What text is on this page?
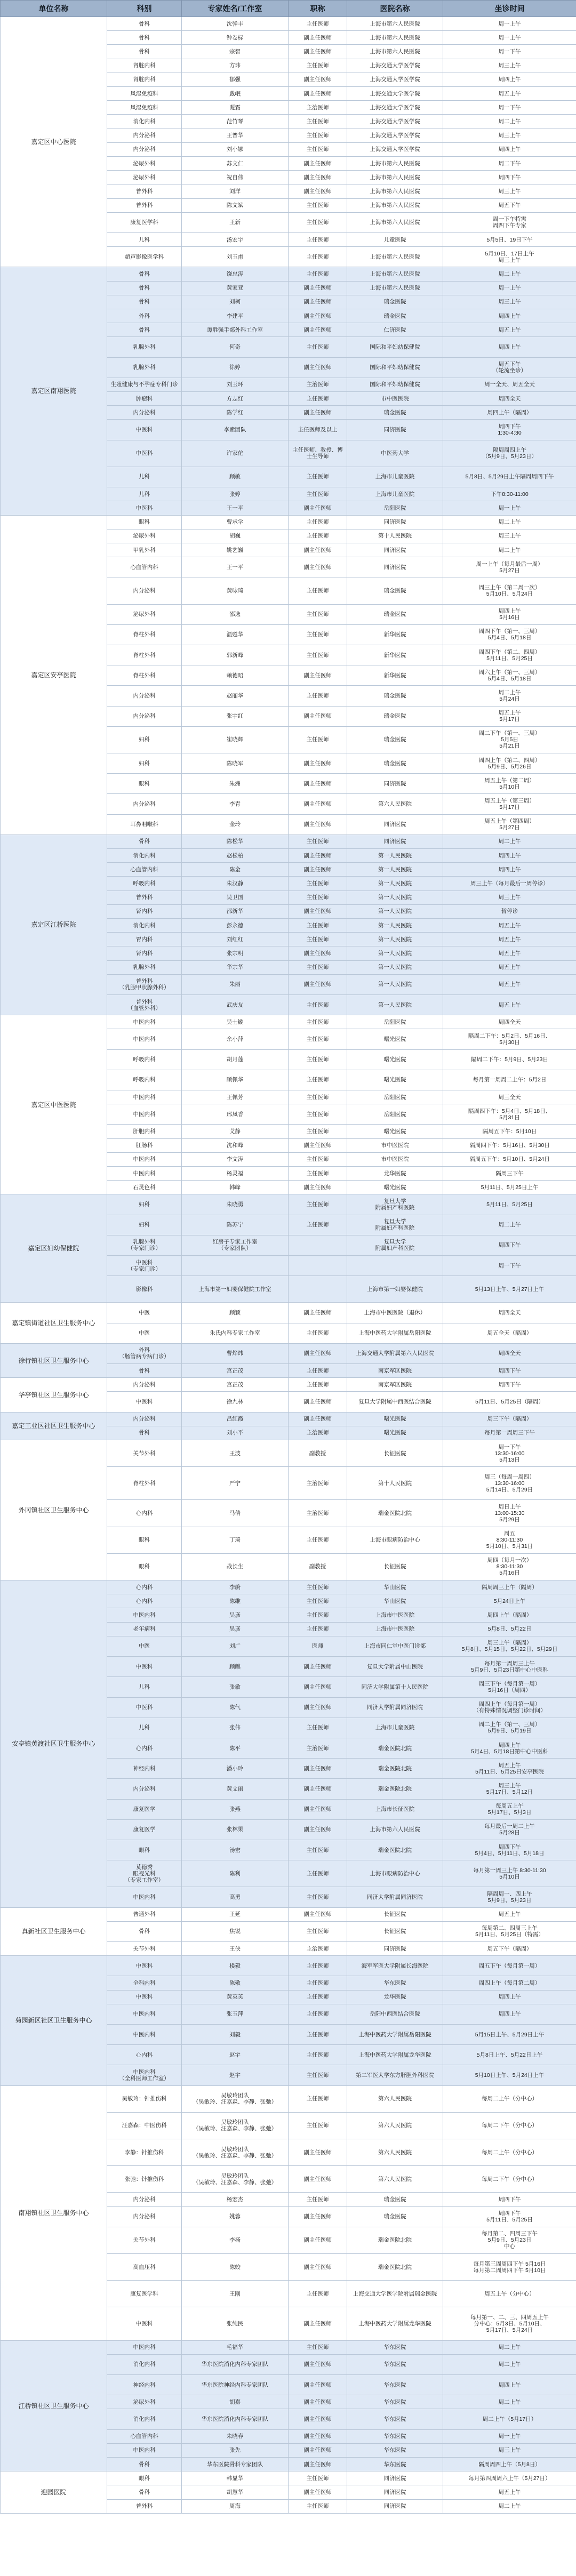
单位名称	科别	专家姓名/工作室	职称	医院名称	坐诊时间
嘉定区中心医院	骨科	沈弹丰	主任医师	上海市第六人民医院	周一上午
	骨科	钟卷标	副主任医师	上海市第六人民医院	周一上午
	骨科	宗智	副主任医师	上海市第六人民医院	周一下午
	肾脏内科	方玮	主任医师	上海交通大学医学院	周三上午
	肾脏内科	郁强	副主任医师	上海交通大学医学院	周四上午
	风湿免疫科	戴岷	副主任医师	上海交通大学医学院	周五上午
	风湿免疫科	凝霜	主治医师	上海交通大学医学院	周一下午
	消化内科	范竹琴	主任医师	上海交通大学医学院	周二上午
	内分泌科	王普华	主任医师	上海交通大学医学院	周三上午
	内分泌科	刘小娜	主任医师	上海交通大学医学院	周四上午
	泌尿外科	苏文仁	副主任医师	上海市第六人民医院	周二下午
	泌尿外科	祝自伟	副主任医师	上海市第六人民医院	周四下午
	普外科	刘洋	副主任医师	上海市第六人民医院	周三上午
	普外科	陈文斌	主任医师	上海市第六人民医院	周五下午
	康复医学科	王新	主任医师	上海市第六人民医院	周一下午特需
周四下午专家
	儿科	汤宏宇	主任医师	儿童医院	5月5日、19日下午
	超声影像医学科	刘玉甫	主任医师	上海市第六人民医院	5月10日、17日上午
周三上午
嘉定区南翔医院	骨科	饶忠涛	主任医师	上海市第六人民医院	周二上午
	骨科	黄家亚	副主任医师	上海市第六人民医院	周一上午
	骨科	刘柯	副主任医师	瑞金医院	周三上午
	外科	李建平	副主任医师	瑞金医院	周四上午
	骨科	谭胜强手部外科工作室	副主任医师	仁济医院	周五上午
	乳腺外科	何奇	主任医师	国际和平妇幼保健院	周四上午
	乳腺外科	徐婷	副主任医师	国际和平妇幼保健院	周五下午
（轮流坐诊）
	生殖健康与不孕症专科门诊	刘玉环	主治医师	国际和平妇幼保健院	周一全天、周五全天
	肿瘤科	方志红	主任医师	市中医医院	周四全天
	内分泌科	陈学红	副主任医师	瑞金医院	周四上午（隔周）
	中医科	李索团队	主任医师及以上	同济医院	周四下午
1:30-4:30
	中医科	许家佗	主任医师、教授、博士生导师	中医药大学	隔周周四上午
（5月9日、5月23日）
	儿科	顾敏	主任医师	上海市儿童医院	5月8日、5月29日上午隔周周四下午
	儿科	张婷	主任医师	上海市儿童医院	下午8:30-11:00
	中医科	王一平	副主任医师	岳阳医院	周一上午
嘉定区安亭医院	眼科	曹承学	主任医师	同济医院	周二上午
	泌尿外科	胡巍	主任医师	第十人民医院	周三上午
	甲乳外科	姚艺巍	副主任医师	同济医院	周二上午
	心血管内科	王一平	副主任医师	同济医院	周一上午（每月最后一周）
5月27日
	内分泌科	黄咏琦	主任医师	瑞金医院	周三上午（第二周一次）
5月10日、5月24日
	泌尿外科	邵选	主任医师	瑞金医院	周四上午
5月16日
	脊柱外科	温甦华	主任医师	新华医院	周四下午（第一、三周）
5月4日、5月18日
	脊柱外科	郭新峰	主任医师	新华医院	周四下午（第二、四周）
5月11日、5月25日
	脊柱外科	赖德昭	副主任医师	新华医院	周六上午（第一、三周）
5月4日、5月18日
	内分泌科	赵丽华	主任医师	瑞金医院	周二上午
5月24日
	内分泌科	张宇红	副主任医师	瑞金医院	周五上午
5月17日
	妇科	崔晓辉	主任医师	瑞金医院	周二下午（第一、三周）
5月5日
5月21日
	妇科	陈晓军	副主任医师	瑞金医院	周四上午（第二、四周）
5月9日、5月26日
	眼科	朱洲	副主任医师	同济医院	周五上午（第二周）
5月10日
	内分泌科	李青	副主任医师	第六人民医院	周五上午（第三周）
5月17日
	耳鼻咽喉科	金玲	副主任医师	同济医院	周五上午（第四周）
5月27日
嘉定区江桥医院	骨科	陈松华	主任医师	同济医院	周二上午
	消化内科	赵松柏	副主任医师	第一人民医院	周四上午
	心血管内科	陈金	副主任医师	第一人民医院	周四上午
	呼吸内科	朱汉静	主任医师	第一人民医院	周三上午（每月最后一周停诊）
	普外科	吴卫国	主任医师	第一人民医院	周三上午
	肾内科	邵新华	副主任医师	第一人民医院	暂停诊
	消化内科	彭永德	主任医师	第一人民医院	周五上午
	胃内科	刘红红	主任医师	第一人民医院	周五上午
	肾内科	张宗明	副主任医师	第一人民医院	周五上午
	乳腺外科	华宗华	主任医师	第一人民医院	周五上午
	普外科
（乳腺甲状腺外科）	朱丽	副主任医师	第一人民医院	周五上午
	普外科
（血管外科）	武庆友	主任医师	第一人民医院	周五上午
嘉定区中医医院	中医内科	吴士镟	主任医师	岳阳医院	周四全天
	中医内科	余小萍	主任医师	曙光医院	隔周二下午：5月2日、5月16日、
5月30日
	呼吸内科	胡月莲	主任医师	曙光医院	隔周二下午：5月9日、5月23日
	呼吸内科	顾佩华	主任医师	曙光医院	每月第一周周二上午：5月2日
	中医内科	王佩芳	主任医师	岳阳医院	周三全天
	中医内科	邢凤香	主任医师	岳阳医院	隔周四下午：5月4日、5月18日、
5月31日
	肝胆内科	艾静	主任医师	曙光医院	隔周五下午：5月10日
	肛肠科	沈和峰	副主任医师	市中医医院	隔周四下午：5月16日、5月30日
	中医内科	李文涛	主任医师	市中医医院	隔周五下午：5月10日、5月24日
	中医内科	杨灵福	主任医师	龙华医院	隔周三下午
	石灵色科	韩峰	副主任医师	曙光医院	5月11日、5月25日上午
嘉定区妇幼保健院	妇科	朱晓勇	主任医师	复旦大学
附属妇产科医院	5月11日、5月25日
	妇科	陈苏宁	主任医师	复旦大学
附属妇产科医院	周二上午
	乳腺外科
（专家门诊）	红房子专家工作室
（专家团队）		复旦大学
附属妇产科医院	周四下午
	中医科
（专家门诊）				周一下午
	影像科	上海市第一妇婴保健院工作室		上海市第一妇婴保健院	5月13日上午、5月27日上午
嘉定镇街道社区卫生服务中心	中医	顾颖	副主任医师	上海市中医医院（退休）	周四全天
	中医	朱氏内科专家工作室	主任医师	上海中医药大学附属岳阳医院	周五全天（隔周）
徐行镇社区卫生服务中心	外科
（肠管病专病门诊）	曹烨炜	副主任医师	上海交通大学附属第六人民医院	周四全天
	骨科	宫正茂	主任医师	南京军区医院	周四下午
华亭镇社区卫生服务中心	内分泌科	宫正茂	主任医师	南京军区医院	周四下午
	中医科	徐九林	副主任医师	复旦大学附属中西医结合医院	5月11日、5月25日（隔周）
嘉定工业区社区卫生服务中心	内分泌科	吕红霞	副主任医师	曙光医院	周三下午（隔周）
	骨科	刘小平	主治医师	曙光医院	每月第一周周三下午
外冈镇社区卫生服务中心	关节外科	王波	副教授	长征医院	周一下午
13:30-16:00
5月13日
	脊柱外科	严宁	主治医师	第十人民医院	周三（每周一周四）
13:30-16:00
5月14日、5月29日
	心内科	马倩	主治医师	瑞金医院北院	周日上午
13:00-15:30
5月29日
	眼科	丁琦	主任医师	上海市眼病防治中心	周五
8:30-11:30
5月10日、5月31日
	眼科	战长生	副教授	长征医院	周四（每月一次）
8:30-11:30
5月16日
安亭镇黄渡社区卫生服务中心	心内科	李蔚	主任医师	华山医院	隔周周三上午（隔周）
	心内科	陈维	主任医师	华山医院	5月24日上午
	中医内科	吴彦	主任医师	上海市中医医院	周四上午（隔周）
	老年病科	吴彦	主任医师	上海市中医医院	5月8日、5月22日
	中医	刘广	医师	上海市同仁堂中医门诊部	周三上午（隔周）
5月8日、5月15日、5月22日、5月29日
	中医科	顾麒	副主任医师	复旦大学附属中山医院	每月第一周周三上午
5月9日、5月23日第中心中医科
	儿科	张敏	副主任医师	同济大学附属第十人民医院	周三下午（每月第一周）
5月16日（周四）
	中医科	陈气	副主任医师	同济大学附属同济医院	周四上午（每月第一周）
（有特殊情况调整门诊时间）
	儿科	张伟	主任医师	上海市儿童医院	周二上午（第一、三周）
5月9日、5月19日
	心内科	陈平	主治医师	瑞金医院北院	周四上午
5月4日、5月18日第中心中医科
	神经内科	潘小玲	副主任医师	瑞金医院北院	周五上午
5月11日、5月25日安亭医院
	内分泌科	黄文丽	副主任医师	瑞金医院北院	周三上午
5月17日、5月12日
	康复医学	张燕	副主任医师	上海市长征医院	每周五上午
5月17日、5月3日
	康复医学	张林果	副主任医师	上海市第六人民医院	每月最后一周二上午
5月28日
	眼科	汤宏	主任医师	瑞金医院北院	周四下午
5月4日、5月11日、5月18日
	莫德秀
眼视光科
（专家工作室）	陈利	主任医师	上海市眼病防治中心	每月第一周三上午 8:30-11:30
5月10日
	中医内科	高勇	主任医师	同济大学附属同济医院	隔周周一、四上午
5月9日、5月23日
真新社区卫生服务中心	普通外科	王延	副主任医师	长征医院	周五上午
	骨科	焦锐	主任医师	长征医院	每周第二、四周三上午
5月11日、5月25日（特需）
	关节外科	王侠	主治医师	同济医院	周五下午（隔周）
菊园新区社区卫生服务中心	中医科	楼毅	主任医师	海军军医大学附属长海医院	周五下午（每月第一周）
	全科内科	陈敬	主任医师	华东医院	周四上午（每月第二周）
	中医科	黄英英	主任医师	龙华医院	周四上午
	中医内科	张玉萍	主任医师	岳阳中西医结合医院	周四上午
	中医内科	刘毅	主任医师	上海中医药大学附属岳阳医院	5月15日上午、5月29日上午
	心内科	赵宇	主任医师	上海中医药大学附属龙华医院	5月8日上午、5月22日上午
	中医内科
（全科医师工作室）	赵宇	主任医师	第二军医大学东方肝胆外科医院	5月10日上午、5月24日上午
南翔镇社区卫生服务中心	吴敏玲：针推伤科	吴敏玲团队
（吴敏玲、汪嘉森、李静、张弛）	主任医师	第六人民医院	每周二上午（分中心）
	汪嘉森：中医伤科	吴敏玲团队
（吴敏玲、汪嘉森、李静、张弛）	主任医师	第六人民医院	每周二下午（分中心）
	李静：针推伤科	吴敏玲团队
（吴敏玲、汪嘉森、李静、张弛）	副主任医师	第六人民医院	每周二上午（分中心）
	张弛：针推伤科	吴敏玲团队
（吴敏玲、汪嘉森、李静、张弛）	副主任医师	第六人民医院	每周二下午（分中心）
	内分泌科	杨宏杰	主任医师	瑞金医院	周四下午
	内分泌科	姚蓉	副主任医师	瑞金医院	周四下午
5月11日、5月25日
	关节外科	李扬	副主任医师	瑞金医院北院	每月第二、四周三下午
5月9日、5月23日
中心
	高血压科	陈蛟	副主任医师	瑞金医院北院	每月第三周周四下午 5月16日
每月第二周周四下午 5月10日
	康复医学科	王刚	主任医师	上海交通大学医学院附属瑞金医院	周五上午（分中心）
	中医科	张纯民	副主任医师	上海中医药大学附属龙华医院	每月第一、二、三、四周五上午
分中心：5月3日、5月10日、
5月17日、5月24日
江桥镇社区卫生服务中心	中医内科	毛福华	主任医师	华东医院	周二上午
	消化内科	华东医院消化内科专家团队	副主任医师	华东医院	周二上午
	神经内科	华东医院神经内科专家团队	副主任医师	华东医院	周四上午
	泌尿外科	胡嘉	副主任医师	华东医院	周二上午
	消化内科	华东医院消化内科专家团队	副主任医师	华东医院	周二上午（5月17日）
	心血管内科	朱晓春	副主任医师	华东医院	周一上午
	中医内科	张先	副主任医师	华东医院	周三上午
	骨科	华东医院骨科专家团队	副主任医师	华东医院	隔周周四上午（5月8日）
迎园医院	眼科	韩显华	主任医师	同济医院	每月第四周周六上午（5月27日）
	骨科	胡慧华	副主任医师	同济医院	周五上午
	普外科	周海	主任医师	同济医院	周二上午
